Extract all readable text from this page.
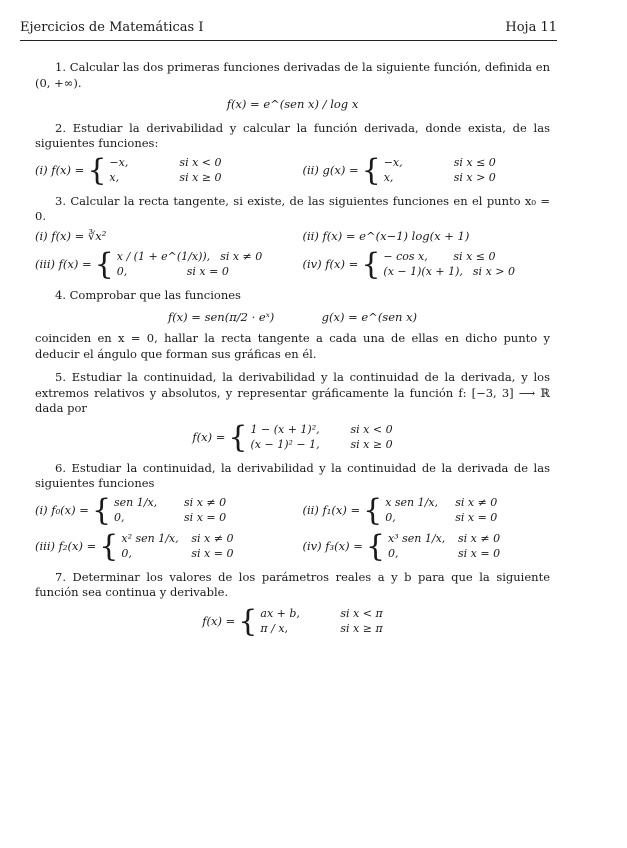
Ejercicios de Matemáticas I	Hoja 11
1. Calcular las dos primeras funciones derivadas de la siguiente función, definida en (0, +∞).
f(x) = e^(sen x) / log x
2. Estudiar la derivabilidad y calcular la función derivada, donde exista, de las siguientes funciones:
(i) f(x) = { −x,	si x < 0
x,	si x ≥ 0
(ii) g(x) = { −x,	si x ≤ 0
x,	si x > 0
3. Calcular la recta tangente, si existe, de las siguientes funciones en el punto x₀ = 0.
(i) f(x) = ∛x²	(ii) f(x) = e^(x−1) log(x + 1)
(iii) f(x) = { x / (1 + e^(1/x)), si x ≠ 0
0,	si x = 0
(iv) f(x) = { − cos x,	si x ≤ 0
(x − 1)(x + 1), si x > 0
4. Comprobar que las funciones
f(x) = sen(π/2 · eˣ)	g(x) = e^(sen x)
coinciden en x = 0, hallar la recta tangente a cada una de ellas en dicho punto y deducir el ángulo que forman sus gráficas en él.
5. Estudiar la continuidad, la derivabilidad y la continuidad de la derivada, y los extremos relativos y absolutos, y representar gráficamente la función f: [−3, 3] ⟶ ℝ dada por
f(x) = { 1 − (x + 1)²,	si x < 0
(x − 1)² − 1,	si x ≥ 0
6. Estudiar la continuidad, la derivabilidad y la continuidad de la derivada de las siguientes funciones
(i) f₀(x) = { sen 1/x,	si x ≠ 0
0,	si x = 0
(ii) f₁(x) = { x sen 1/x,	si x ≠ 0
0,	si x = 0
(iii) f₂(x) = { x² sen 1/x, si x ≠ 0
0,	si x = 0
(iv) f₃(x) = { x³ sen 1/x, si x ≠ 0
0,	si x = 0
7. Determinar los valores de los parámetros reales a y b para que la siguiente función sea continua y derivable.
f(x) = { ax + b,	si x < π
π / x,	si x ≥ π
